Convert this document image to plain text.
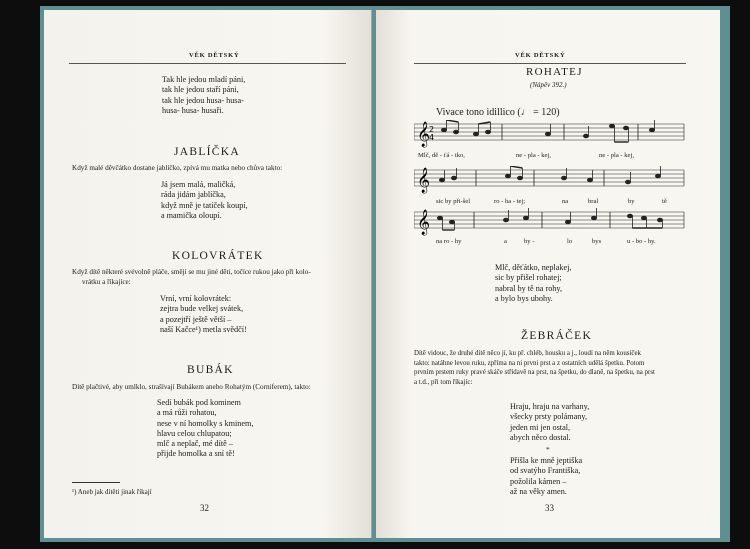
VĚK DĚTSKÝ
Tak hle jedou mladí páni,
tak hle jedou staří páni,
tak hle jedou husa- husa-
husa- husa- husaři.
JABLÍČKA
Když malé děvčátko dostane jablíčko, zpívá mu matka nebo chůva takto:
Já jsem malá, maličká,
ráda jidám jablíčka,
když mně je tatíček koupí,
a mamička oloupí.
KOLOVRÁTEK
Když dítě některé svévolně pláče, smějí se mu jiné děti, točíce rukou jako při kolo-
vrátku a říkajíce:
Vrní, vrní kolovrátek:
zejtra bude velkej svátek,
a pozejtří ještě větší –
naší Kačce¹) metla svědčí!
BUBÁK
Dítě plačtivé, aby umlklo, strašívají Bubákem anebo Rohatým (Corniferem), takto:
Sedí bubák pod kominem
a má růži rohatou,
nese v ní homolky s kminem,
hlavu celou chlupatou;
mlč a neplač, mé dítě –
přijde homolka a sní tě!
¹) Aneb jak dítěti jinak říkají
32
VĚK DĚTSKÝ
ROHATEJ
(Nápěv 392.)
Vivace tono idillico (♩ = 120)
𝄞
2
4
Mlč, dě - ťá - tko,	ne - pla - kej,	ne - pla - kej,
𝄞
sic by při-šel	ro - ha - tej;	na	bral	by	tě
𝄞
na ro - hy	a	by -	lo	bys	u - bo - hy.
Mlč, děťátko, neplakej,
sic by přišel rohatej;
nabral by tě na rohy,
a bylo bys ubohy.
ŽEBRÁČEK
Dítě vidouc, že druhé dítě něco jí, ku př. chléb, housku a j., loudí na něm kousíček
takto: natáhne levou ruku, zpříma na ni prvni prst a z ostatních udělá špetku. Potom
prvním prstem ruky pravé skáče střídavě na prst, na špetku, do dlaně, na špetku, na prst
a t.d., při tom říkajíc:
Hraju, hraju na varhany,
všecky prsty polámany,
jeden mi jen ostal,
abych něco dostal.
*
Přišla ke mně jeptiška
od svatýho Františka,
požolila kámen –
až na věky amen.
33
